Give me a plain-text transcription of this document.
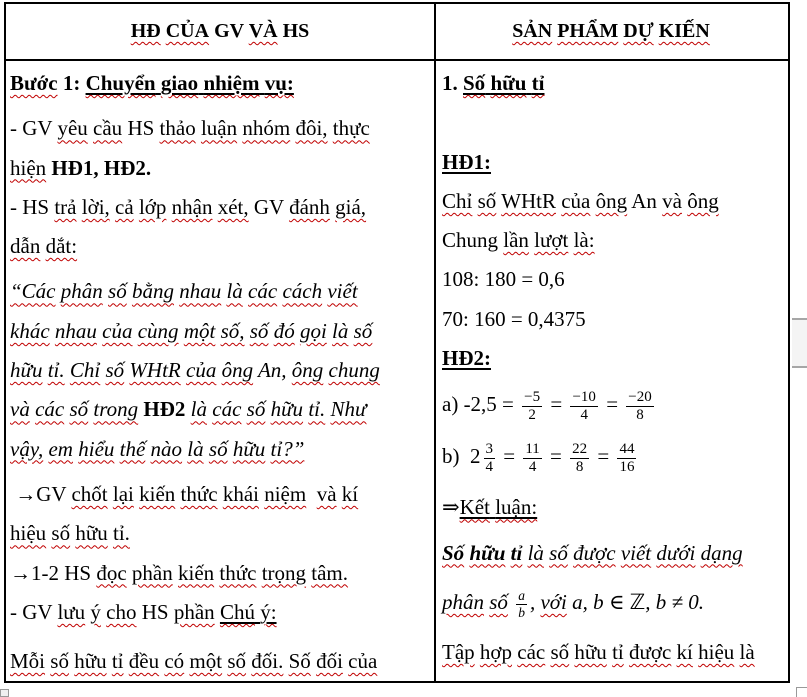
HĐ
CỦA GV VÀ HS	SẢN PHẨM DỰ KIẾN
Bước 1: Chuyển giao nhiệm vụ:
- GV yêu cầu HS thảo luận nhóm đôi, thực
hiện HĐ1, HĐ2.
- HS trả lời, cả lớp nhận xét, GV đánh giá,
dẫn dắt:
“Các phân số bằng nhau là các cách viết
khác nhau của cùng một số, số đó gọi là số
hữu tỉ. Chỉ số WHtR của ông An, ông chung
và các số trong HĐ2 là các số hữu tỉ. Như
vậy, em hiểu thế nào là số hữu tỉ?”
→GV chốt lại kiến thức khái niệm và kí
hiệu số hữu tỉ.
→1-2 HS đọc phần kiến thức trọng tâm.
- GV lưu ý cho HS phần Chú ý:
Mỗi số hữu tỉ đều có một số đối. Số đối của
1. Số hữu tỉ
HĐ1:
Chỉ số WHtR của ông An và ông
Chung lần lượt là:
108: 180 = 0,6
70: 160 = 0,4375
HĐ2:
a) $-2,5 = \frac{-5}{2} = \frac{-10}{4} = \frac{-20}{8}$
b)  $2 \frac{3}{4} = \frac{11}{4} = \frac{22}{8} = \frac{44}{16}$
⇒Kết luận:
Số hữu tỉ là số được viết dưới dạng
phân số $\frac{a}{b}$ , với a, b ∈ ℤ, b ≠ 0.
Tập hợp các số hữu tỉ được kí hiệu là
